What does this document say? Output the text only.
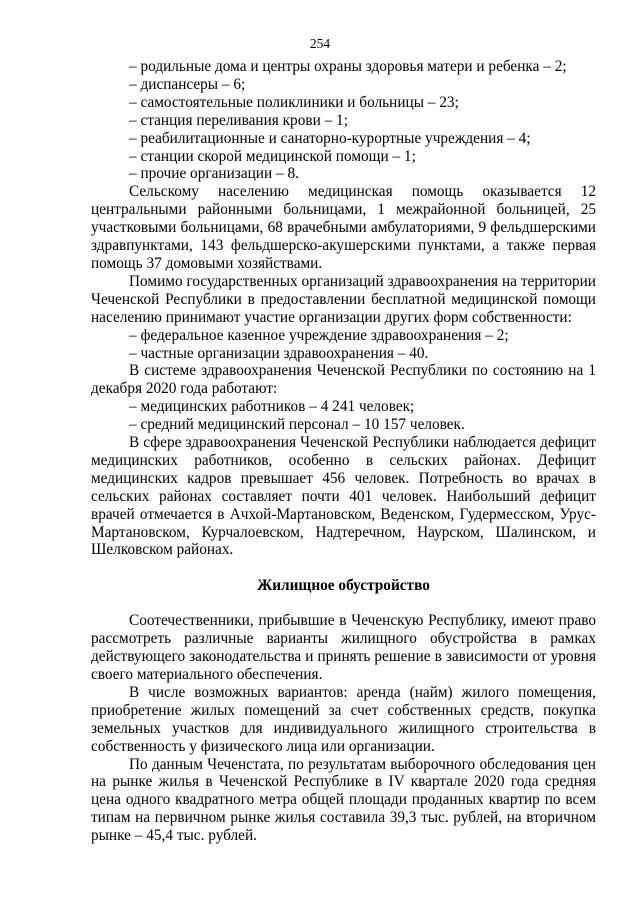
254
– родильные дома и центры охраны здоровья матери и ребенка – 2;
– диспансеры – 6;
– самостоятельные поликлиники и больницы – 23;
– станция переливания крови – 1;
– реабилитационные и санаторно-курортные учреждения – 4;
– станции скорой медицинской помощи – 1;
– прочие организации – 8.
Сельскому населению медицинская помощь оказывается 12 центральными районными больницами, 1 межрайонной больницей, 25 участковыми больницами, 68 врачебными амбулаториями, 9 фельдшерскими здравпунктами, 143 фельдшерско-акушерскими пунктами, а также первая помощь 37 домовыми хозяйствами.
Помимо государственных организаций здравоохранения на территории Чеченской Республики в предоставлении бесплатной медицинской помощи населению принимают участие организации других форм собственности:
– федеральное казенное учреждение здравоохранения – 2;
– частные организации здравоохранения – 40.
В системе здравоохранения Чеченской Республики по состоянию на 1 декабря 2020 года работают:
– медицинских работников – 4 241 человек;
– средний медицинский персонал – 10 157 человек.
В сфере здравоохранения Чеченской Республики наблюдается дефицит медицинских работников, особенно в сельских районах. Дефицит медицинских кадров превышает 456 человек. Потребность во врачах в сельских районах составляет почти 401 человек. Наибольший дефицит врачей отмечается в Ачхой-Мартановском, Веденском, Гудермесском, Урус-Мартановском, Курчалоевском, Надтеречном, Наурском, Шалинском, и Шелковском районах.
Жилищное обустройство
Соотечественники, прибывшие в Чеченскую Республику, имеют право рассмотреть различные варианты жилищного обустройства в рамках действующего законодательства и принять решение в зависимости от уровня своего материального обеспечения.
В числе возможных вариантов: аренда (найм) жилого помещения, приобретение жилых помещений за счет собственных средств, покупка земельных участков для индивидуального жилищного строительства в собственность у физического лица или организации.
По данным Чеченстата, по результатам выборочного обследования цен на рынке жилья в Чеченской Республике в IV квартале 2020 года средняя цена одного квадратного метра общей площади проданных квартир по всем типам на первичном рынке жилья составила 39,3 тыс. рублей, на вторичном рынке – 45,4 тыс. рублей.
